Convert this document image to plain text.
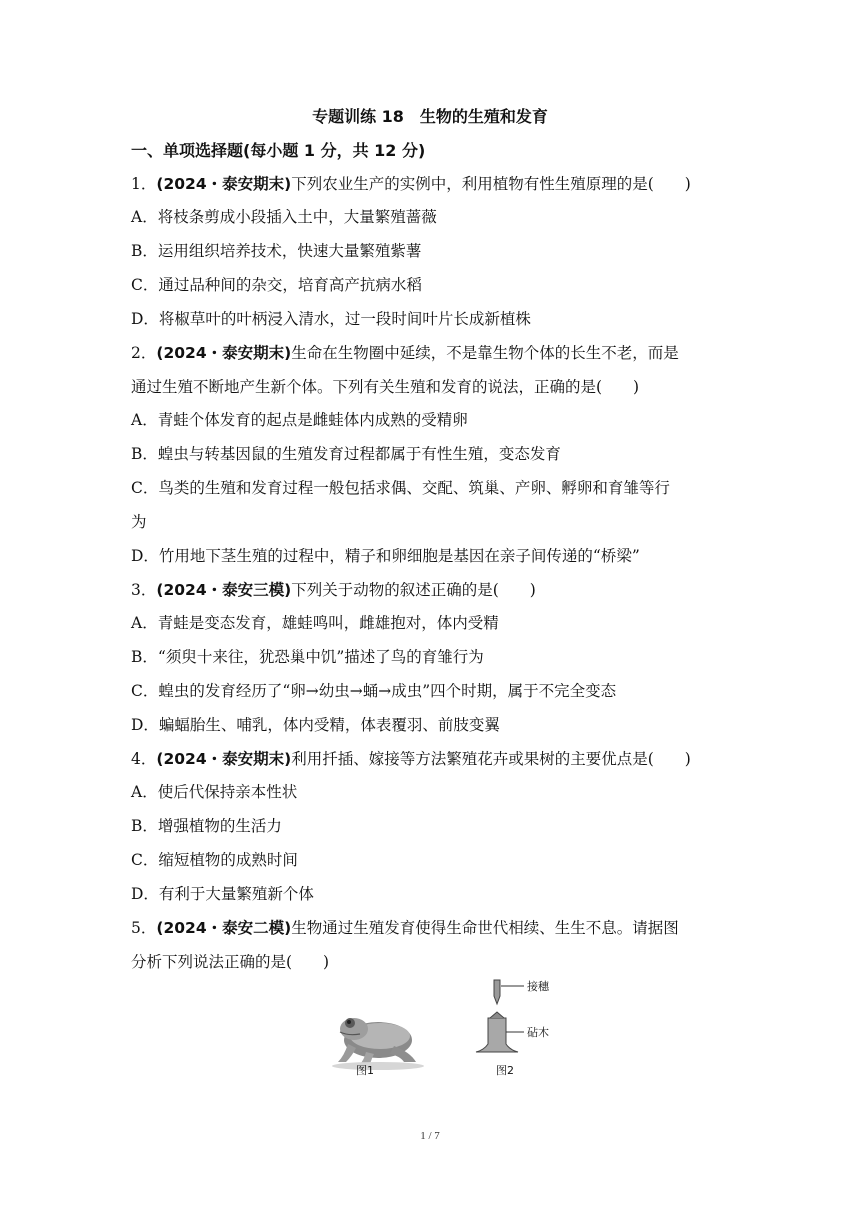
专题训练 18　生物的生殖和发育
一、单项选择题(每小题 1 分，共 12 分)
1．(2024・泰安期末)下列农业生产的实例中，利用植物有性生殖原理的是(　　)
A．将枝条剪成小段插入土中，大量繁殖蔷薇
B．运用组织培养技术，快速大量繁殖紫薯
C．通过品种间的杂交，培育高产抗病水稻
D．将椒草叶的叶柄浸入清水，过一段时间叶片长成新植株
2．(2024・泰安期末)生命在生物圈中延续，不是靠生物个体的长生不老，而是
通过生殖不断地产生新个体。下列有关生殖和发育的说法，正确的是(　　)
A．青蛙个体发育的起点是雌蛙体内成熟的受精卵
B．蝗虫与转基因鼠的生殖发育过程都属于有性生殖，变态发育
C．鸟类的生殖和发育过程一般包括求偶、交配、筑巢、产卵、孵卵和育雏等行
为
D．竹用地下茎生殖的过程中，精子和卵细胞是基因在亲子间传递的“桥梁”
3．(2024・泰安三模)下列关于动物的叙述正确的是(　　)
A．青蛙是变态发育，雄蛙鸣叫，雌雄抱对，体内受精
B．“须臾十来往，犹恐巢中饥”描述了鸟的育雏行为
C．蝗虫的发育经历了“卵→幼虫→蛹→成虫”四个时期，属于不完全变态
D．蝙蝠胎生、哺乳，体内受精，体表覆羽、前肢变翼
4．(2024・泰安期末)利用扦插、嫁接等方法繁殖花卉或果树的主要优点是(　　)
A．使后代保持亲本性状
B．增强植物的生活力
C．缩短植物的成熟时间
D．有利于大量繁殖新个体
5．(2024・泰安二模)生物通过生殖发育使得生命世代相续、生生不息。请据图
分析下列说法正确的是(　　)
图1
接穗
砧木
图2
1 / 7
